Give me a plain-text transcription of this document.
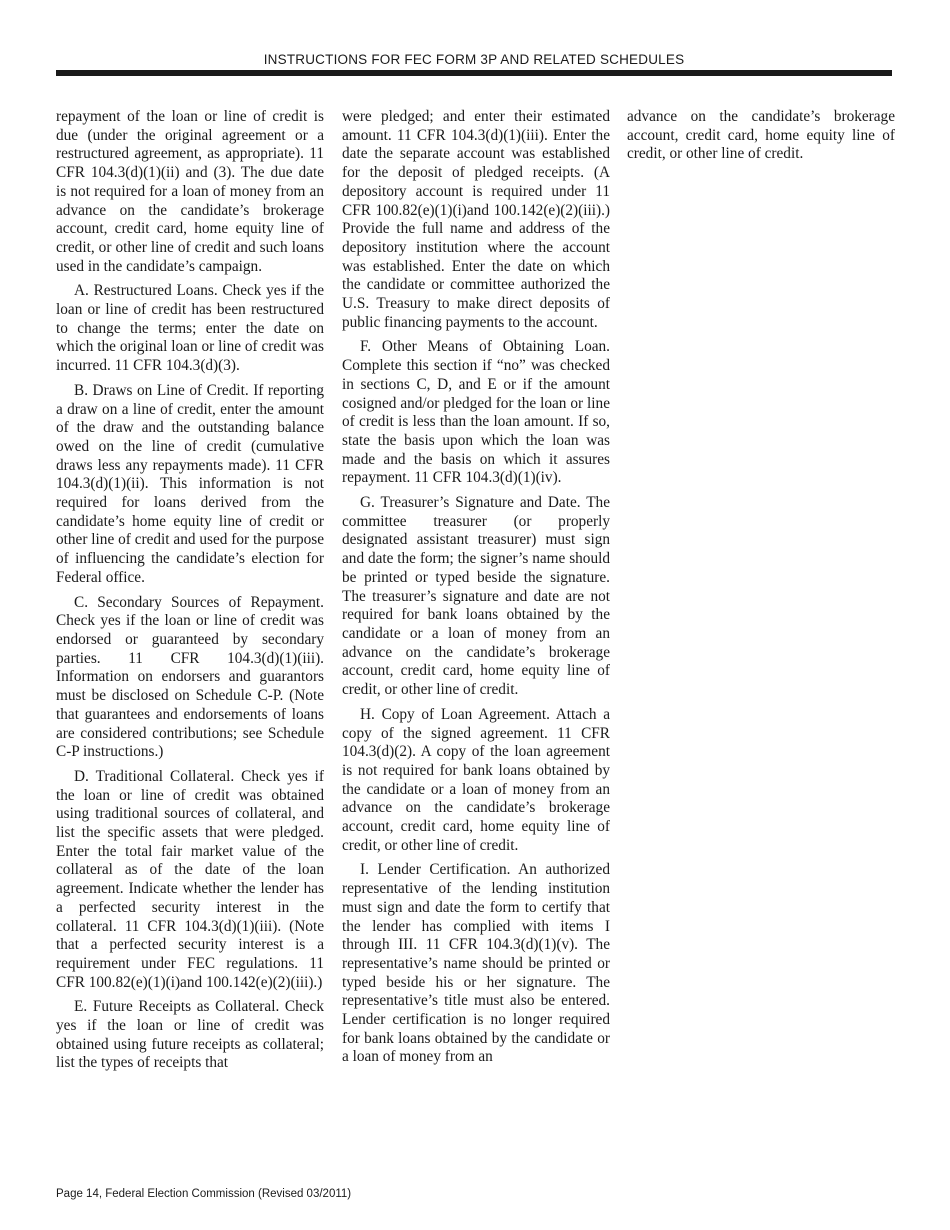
INSTRUCTIONS FOR FEC FORM 3P AND RELATED SCHEDULES

repayment of the loan or line of credit is due (under the original agreement or a restructured agreement, as appropriate). 11 CFR 104.3(d)(1)(ii) and (3). The due date is not required for a loan of money from an advance on the candidate’s brokerage account, credit card, home equity line of credit, or other line of credit and such loans used in the candidate’s campaign.

A. Restructured Loans. Check yes if the loan or line of credit has been restructured to change the terms; enter the date on which the original loan or line of credit was incurred. 11 CFR 104.3(d)(3).

B. Draws on Line of Credit. If reporting a draw on a line of credit, enter the amount of the draw and the outstanding balance owed on the line of credit (cumulative draws less any repayments made). 11 CFR 104.3(d)(1)(ii). This information is not required for loans derived from the candidate’s home equity line of credit or other line of credit and used for the purpose of influencing the candidate’s election for Federal office.

C. Secondary Sources of Repayment. Check yes if the loan or line of credit was endorsed or guaranteed by secondary parties. 11 CFR 104.3(d)(1)(iii). Information on endorsers and guarantors must be disclosed on Schedule C-P. (Note that guarantees and endorsements of loans are considered contributions; see Schedule C-P instructions.)

D. Traditional Collateral. Check yes if the loan or line of credit was obtained using traditional sources of collateral, and list the specific assets that were pledged. Enter the total fair market value of the collateral as of the date of the loan agreement. Indicate whether the lender has a perfected security interest in the collateral. 11 CFR 104.3(d)(1)(iii). (Note that a perfected security interest is a requirement under FEC regulations. 11 CFR 100.82(e)(1)(i)and 100.142(e)(2)(iii).)

E. Future Receipts as Collateral. Check yes if the loan or line of credit was obtained using future receipts as collateral; list the types of receipts that

were pledged; and enter their estimated amount. 11 CFR 104.3(d)(1)(iii). Enter the date the separate account was established for the deposit of pledged receipts. (A depository account is required under 11 CFR 100.82(e)(1)(i)and 100.142(e)(2)(iii).) Provide the full name and address of the depository institution where the account was established. Enter the date on which the candidate or committee authorized the U.S. Treasury to make direct deposits of public financing payments to the account.

F. Other Means of Obtaining Loan. Complete this section if “no” was checked in sections C, D, and E or if the amount cosigned and/or pledged for the loan or line of credit is less than the loan amount. If so, state the basis upon which the loan was made and the basis on which it assures repayment. 11 CFR 104.3(d)(1)(iv).

G. Treasurer’s Signature and Date. The committee treasurer (or properly designated assistant treasurer) must sign and date the form; the signer’s name should be printed or typed beside the signature. The treasurer’s signature and date are not required for bank loans obtained by the candidate or a loan of money from an advance on the candidate’s brokerage account, credit card, home equity line of credit, or other line of credit.

H. Copy of Loan Agreement. Attach a copy of the signed agreement. 11 CFR 104.3(d)(2). A copy of the loan agreement is not required for bank loans obtained by the candidate or a loan of money from an advance on the candidate’s brokerage account, credit card, home equity line of credit, or other line of credit.

I. Lender Certification. An authorized representative of the lending institution must sign and date the form to certify that the lender has complied with items I through III. 11 CFR 104.3(d)(1)(v). The representative’s name should be printed or typed beside his or her signature. The representative’s title must also be entered. Lender certification is no longer required for bank loans obtained by the candidate or a loan of money from an

advance on the candidate’s brokerage account, credit card, home equity line of credit, or other line of credit.

Page 14, Federal Election Commission (Revised 03/2011)
